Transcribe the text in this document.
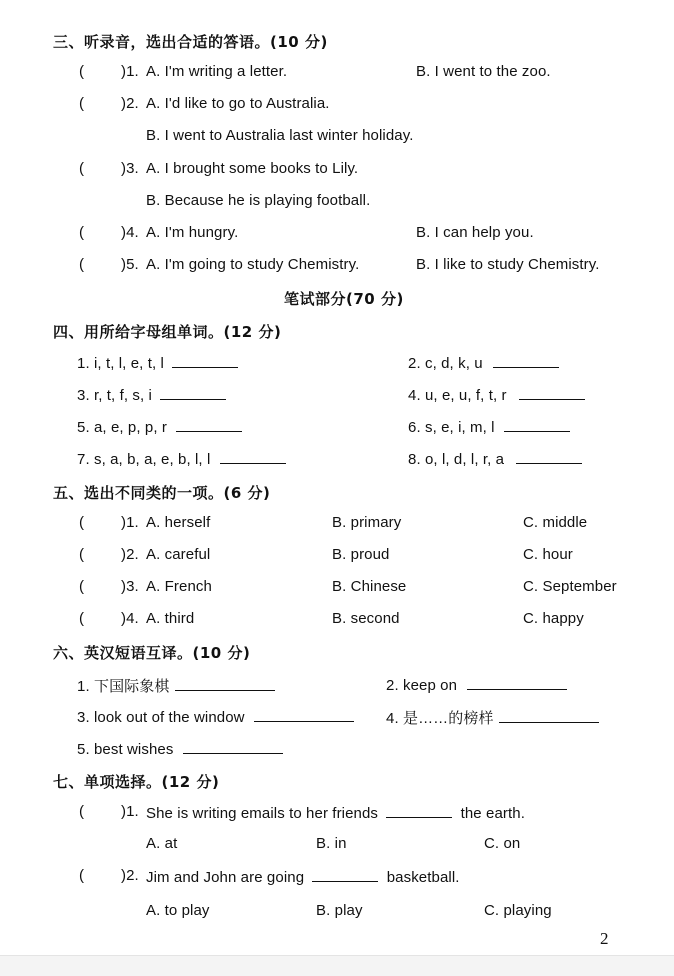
三、听录音，选出合适的答语。(10 分)
( )1. A. I'm writing a letter.	B. I went to the zoo.
( )2. A. I'd like to go to Australia.
B. I went to Australia last winter holiday.
( )3. A. I brought some books to Lily.
B. Because he is playing football.
( )4. A. I'm hungry.	B. I can help you.
( )5. A. I'm going to study Chemistry.	B. I like to study Chemistry.
笔试部分(70 分)
四、用所给字母组单词。(12 分)
1. i, t, l, e, t, l	2. c, d, k, u
3. r, t, f, s, i	4. u, e, u, f, t, r
5. a, e, p, p, r	6. s, e, i, m, l
7. s, a, b, a, e, b, l, l	8. o, l, d, l, r, a
五、选出不同类的一项。(6 分)
( )1. A. herself	B. primary	C. middle
( )2. A. careful	B. proud	C. hour
( )3. A. French	B. Chinese	C. September
( )4. A. third	B. second	C. happy
六、英汉短语互译。(10 分)
1. 下国际象棋	2. keep on
3. look out of the window	4. 是……的榜样
5. best wishes
七、单项选择。(12 分)
( )1. She is writing emails to her friends	the earth.
A. at	B. in	C. on
( )2. Jim and John are going	basketball.
A. to play	B. play	C. playing
2
